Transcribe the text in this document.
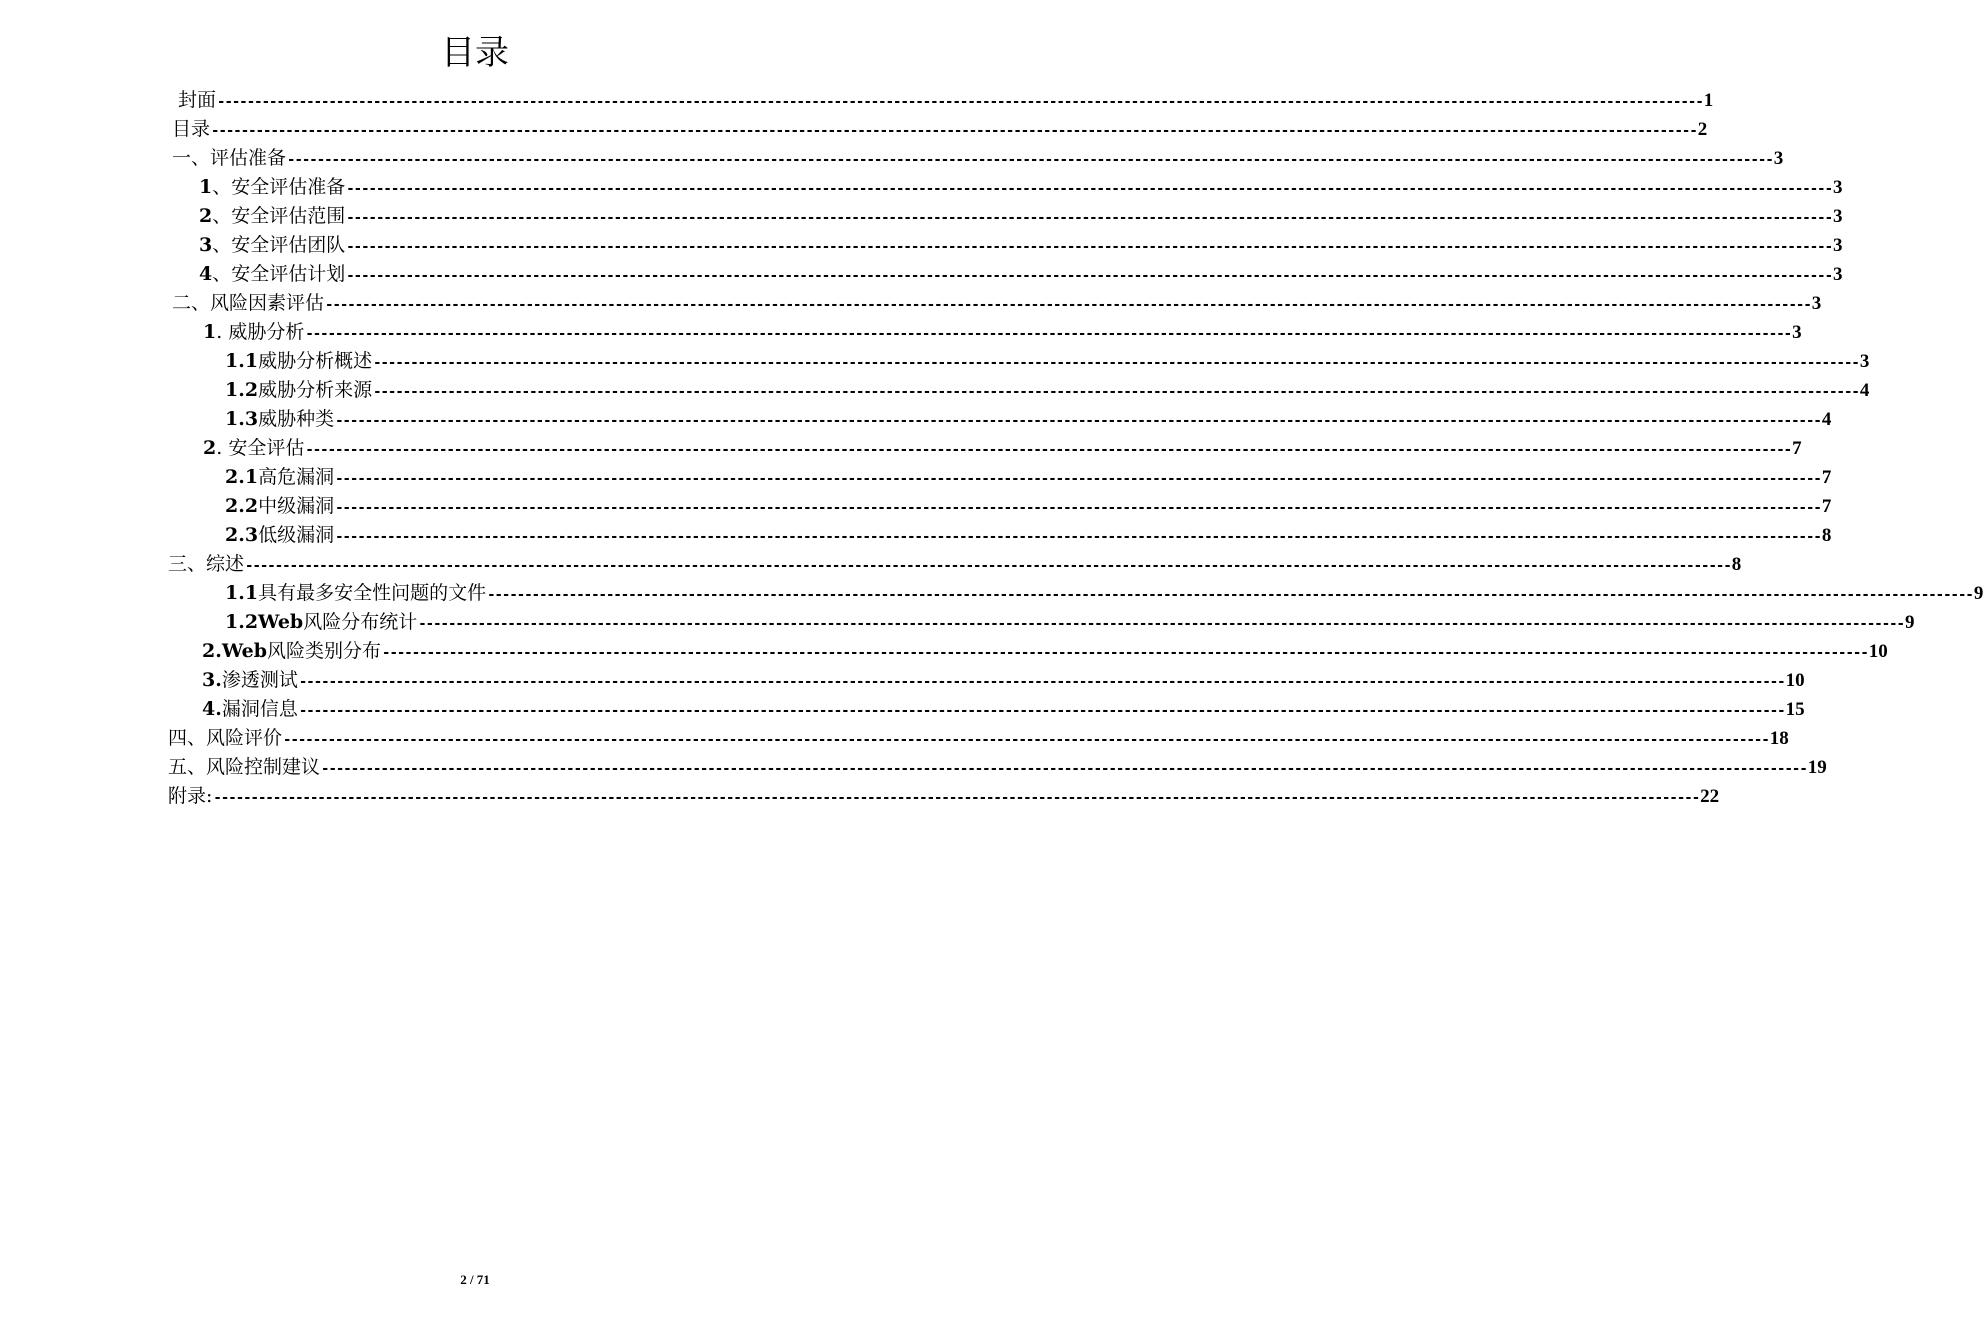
目录
封面 -------------------------------------------------------------------------------------------------------------------------------------------------------------------------------------------------------- 1
目录 -------------------------------------------------------------------------------------------------------------------------------------------------------------------------------------------------------- 2
一、评估准备 -------------------------------------------------------------------------------------------------------------------------------------------------------------------------------------------------------- 3
1 、安全评估准备 -------------------------------------------------------------------------------------------------------------------------------------------------------------------------------------------------------- 3
2 、安全评估范围 -------------------------------------------------------------------------------------------------------------------------------------------------------------------------------------------------------- 3
3 、安全评估团队 -------------------------------------------------------------------------------------------------------------------------------------------------------------------------------------------------------- 3
4 、安全评估计划 -------------------------------------------------------------------------------------------------------------------------------------------------------------------------------------------------------- 3
二、风险因素评估 -------------------------------------------------------------------------------------------------------------------------------------------------------------------------------------------------------- 3
1 . 威胁分析 -------------------------------------------------------------------------------------------------------------------------------------------------------------------------------------------------------- 3
1.1 威胁分析概述 -------------------------------------------------------------------------------------------------------------------------------------------------------------------------------------------------------- 3
1.2 威胁分析来源 -------------------------------------------------------------------------------------------------------------------------------------------------------------------------------------------------------- 4
1.3 威胁种类 -------------------------------------------------------------------------------------------------------------------------------------------------------------------------------------------------------- 4
2 . 安全评估 -------------------------------------------------------------------------------------------------------------------------------------------------------------------------------------------------------- 7
2.1 高危漏洞 -------------------------------------------------------------------------------------------------------------------------------------------------------------------------------------------------------- 7
2.2 中级漏洞 -------------------------------------------------------------------------------------------------------------------------------------------------------------------------------------------------------- 7
2.3 低级漏洞 -------------------------------------------------------------------------------------------------------------------------------------------------------------------------------------------------------- 8
三、综述 -------------------------------------------------------------------------------------------------------------------------------------------------------------------------------------------------------- 8
1.1 具有最多安全性问题的文件 -------------------------------------------------------------------------------------------------------------------------------------------------------------------------------------------------------- 9
1.2Web 风险分布统计 -------------------------------------------------------------------------------------------------------------------------------------------------------------------------------------------------------- 9
2.Web 风险类别分布 -------------------------------------------------------------------------------------------------------------------------------------------------------------------------------------------------------- 10
3. 渗透测试 -------------------------------------------------------------------------------------------------------------------------------------------------------------------------------------------------------- 10
4. 漏洞信息 -------------------------------------------------------------------------------------------------------------------------------------------------------------------------------------------------------- 15
四、风险评价 -------------------------------------------------------------------------------------------------------------------------------------------------------------------------------------------------------- 18
五、风险控制建议 -------------------------------------------------------------------------------------------------------------------------------------------------------------------------------------------------------- 19
附录: -------------------------------------------------------------------------------------------------------------------------------------------------------------------------------------------------------- 22
2 / 71
